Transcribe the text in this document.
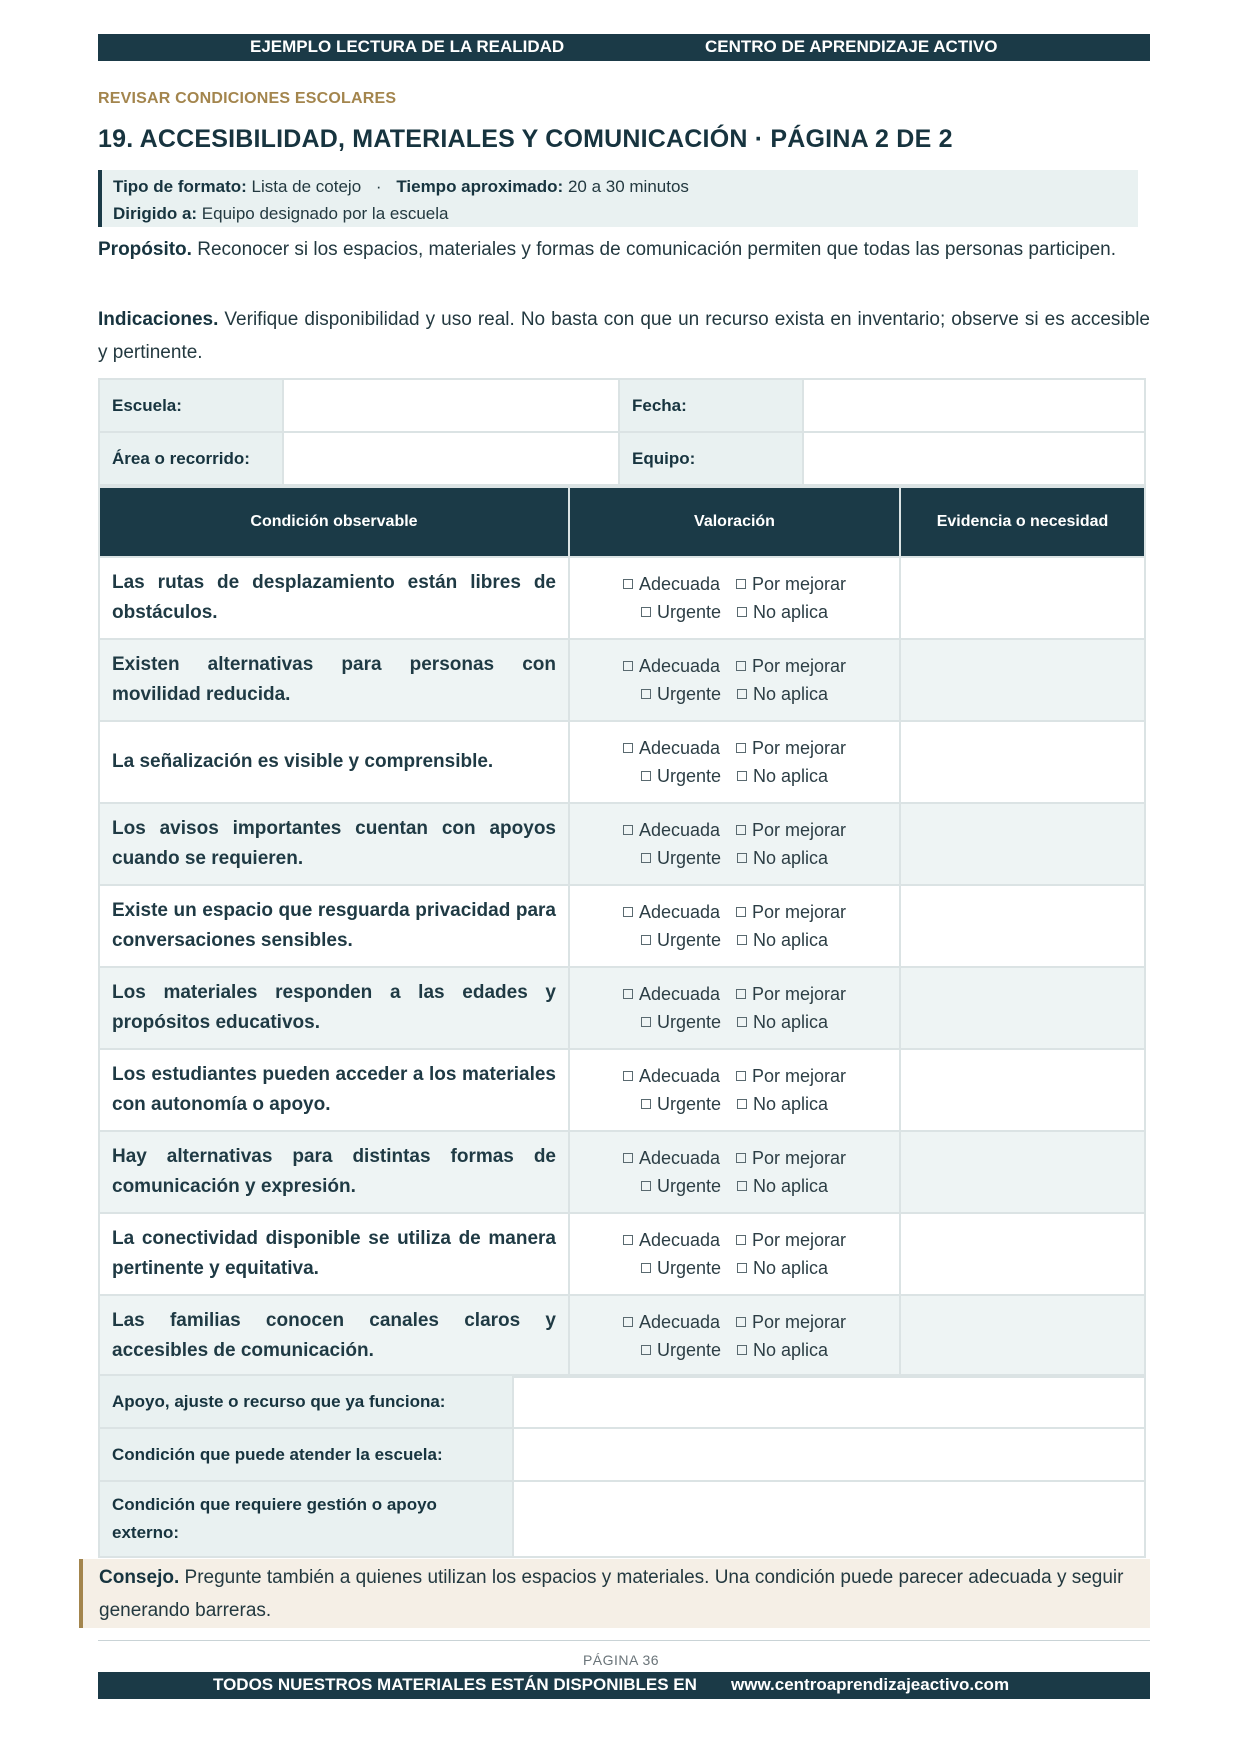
EJEMPLO LECTURA DE LA REALIDAD	CENTRO DE APRENDIZAJE ACTIVO
REVISAR CONDICIONES ESCOLARES
19. ACCESIBILIDAD, MATERIALES Y COMUNICACIÓN · PÁGINA 2 DE 2
Tipo de formato: Lista de cotejo · Tiempo aproximado: 20 a 30 minutos
Dirigido a: Equipo designado por la escuela
Propósito. Reconocer si los espacios, materiales y formas de comunicación permiten que todas las personas participen.
Indicaciones. Verifique disponibilidad y uso real. No basta con que un recurso exista en inventario; observe si es accesible y pertinente.
Escuela:		Fecha:	
Área o recorrido:		Equipo:	
Condición observable	Valoración	Evidencia o necesidad
Las rutas de desplazamiento están libres de obstáculos.	Adecuada Por mejorar
Urgente No aplica	

Existen alternativas para personas con movilidad reducida.	Adecuada Por mejorar
Urgente No aplica	

La señalización es visible y comprensible.	Adecuada Por mejorar
Urgente No aplica	

Los avisos importantes cuentan con apoyos cuando se requieren.	Adecuada Por mejorar
Urgente No aplica	

Existe un espacio que resguarda privacidad para conversaciones sensibles.	Adecuada Por mejorar
Urgente No aplica	

Los materiales responden a las edades y propósitos educativos.	Adecuada Por mejorar
Urgente No aplica	

Los estudiantes pueden acceder a los materiales con autonomía o apoyo.	Adecuada Por mejorar
Urgente No aplica	

Hay alternativas para distintas formas de comunicación y expresión.	Adecuada Por mejorar
Urgente No aplica	

La conectividad disponible se utiliza de manera pertinente y equitativa.	Adecuada Por mejorar
Urgente No aplica	

Las familias conocen canales claros y accesibles de comunicación.	Adecuada Por mejorar
Urgente No aplica	

Apoyo, ajuste o recurso que ya funciona:	
Condición que puede atender la escuela:	
Condición que requiere gestión o apoyo externo:	
Consejo. Pregunte también a quienes utilizan los espacios y materiales. Una condición puede parecer adecuada y seguir generando barreras.
PÁGINA 36
TODOS NUESTROS MATERIALES ESTÁN DISPONIBLES EN www.centroaprendizajeactivo.com
